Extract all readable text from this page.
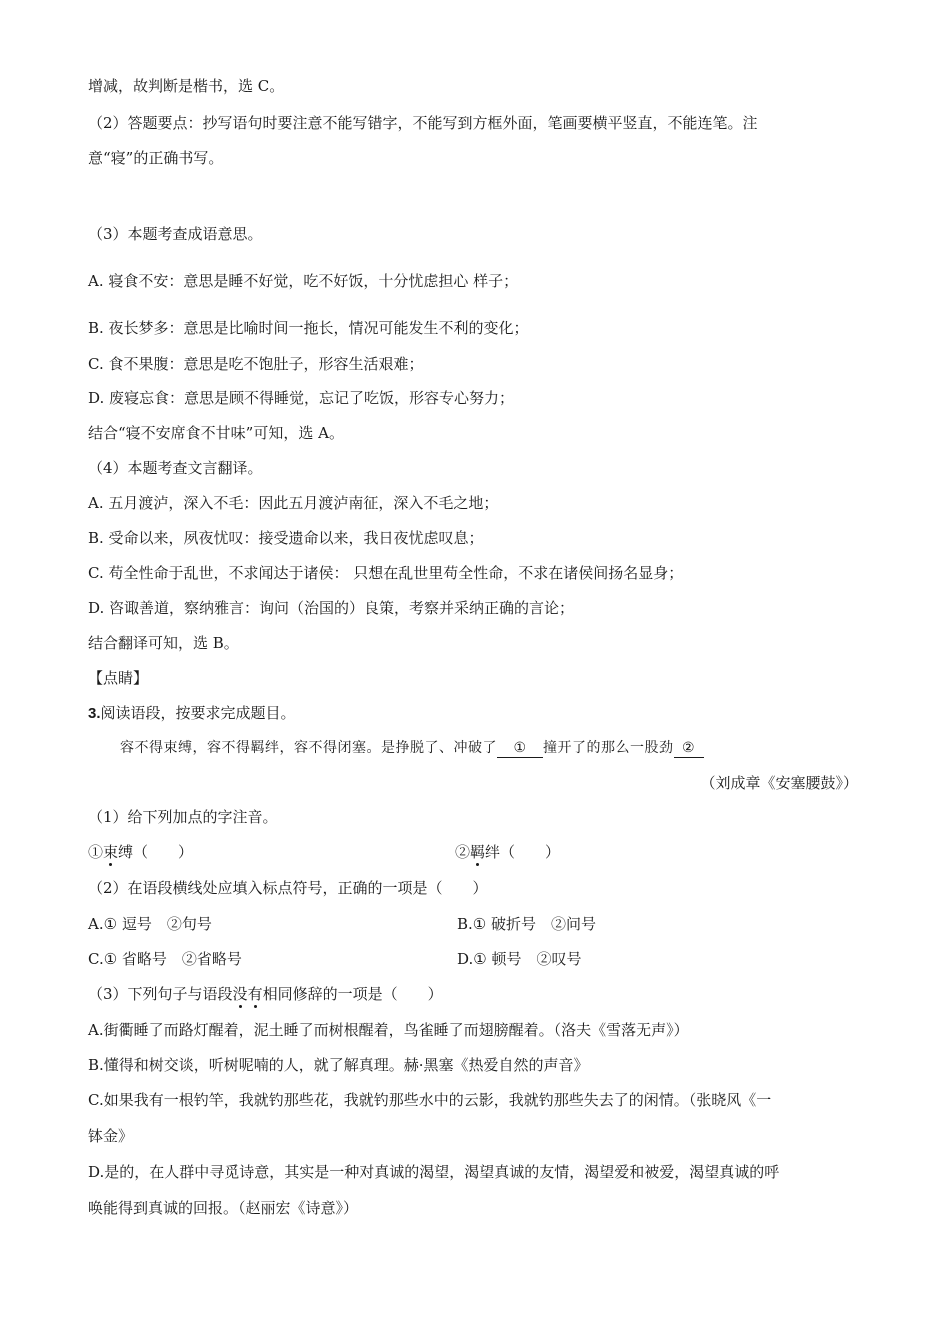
增减，故判断是楷书，选 C。
（2）答题要点：抄写语句时要注意不能写错字，不能写到方框外面，笔画要横平竖直，不能连笔。注
意“寝”的正确书写。
（3）本题考查成语意思。
A. 寝食不安：意思是睡不好觉，吃不好饭，十分忧虑担心 样子；
B. 夜长梦多：意思是比喻时间一拖长，情况可能发生不利的变化；
C. 食不果腹：意思是吃不饱肚子，形容生活艰难；
D. 废寝忘食：意思是顾不得睡觉，忘记了吃饭，形容专心努力；
结合“寝不安席食不甘味”可知，选 A。
（4）本题考查文言翻译。
A. 五月渡泸，深入不毛：因此五月渡泸南征，深入不毛之地；
B. 受命以来，夙夜忧叹：接受遗命以来，我日夜忧虑叹息；
C. 苟全性命于乱世，不求闻达于诸侯： 只想在乱世里苟全性命，不求在诸侯间扬名显身；
D. 咨诹善道，察纳雅言：询问（治国的）良策，考察并采纳正确的言论；
结合翻译可知，选 B。
【点睛】
3.阅读语段，按要求完成题目。
容不得束缚，容不得羁绊，容不得闭塞。是挣脱了、冲破了 ① 撞开了的那么一股劲 ②
（刘成章《安塞腰鼓》）
（1）给下列加点的字注音。
①束缚（　　）	②羁绊（　　）
（2）在语段横线处应填入标点符号，正确的一项是（　　）
A.① 逗号　②句号	B.① 破折号　②问号
C.① 省略号　②省略号	D.① 顿号　②叹号
（3）下列句子与语段没有相同修辞的一项是（　　）
A.街衢睡了而路灯醒着，泥土睡了而树根醒着，鸟雀睡了而翅膀醒着。（洛夫《雪落无声》）
B.懂得和树交谈，听树呢喃的人，就了解真理。赫·黑塞《热爱自然的声音》
C.如果我有一根钓竿，我就钓那些花，我就钓那些水中的云影，我就钓那些失去了的闲情。（张晓风《一
钵金》
D.是的，在人群中寻觅诗意，其实是一种对真诚的渴望，渴望真诚的友情，渴望爱和被爱，渴望真诚的呼
唤能得到真诚的回报。（赵丽宏《诗意》）
